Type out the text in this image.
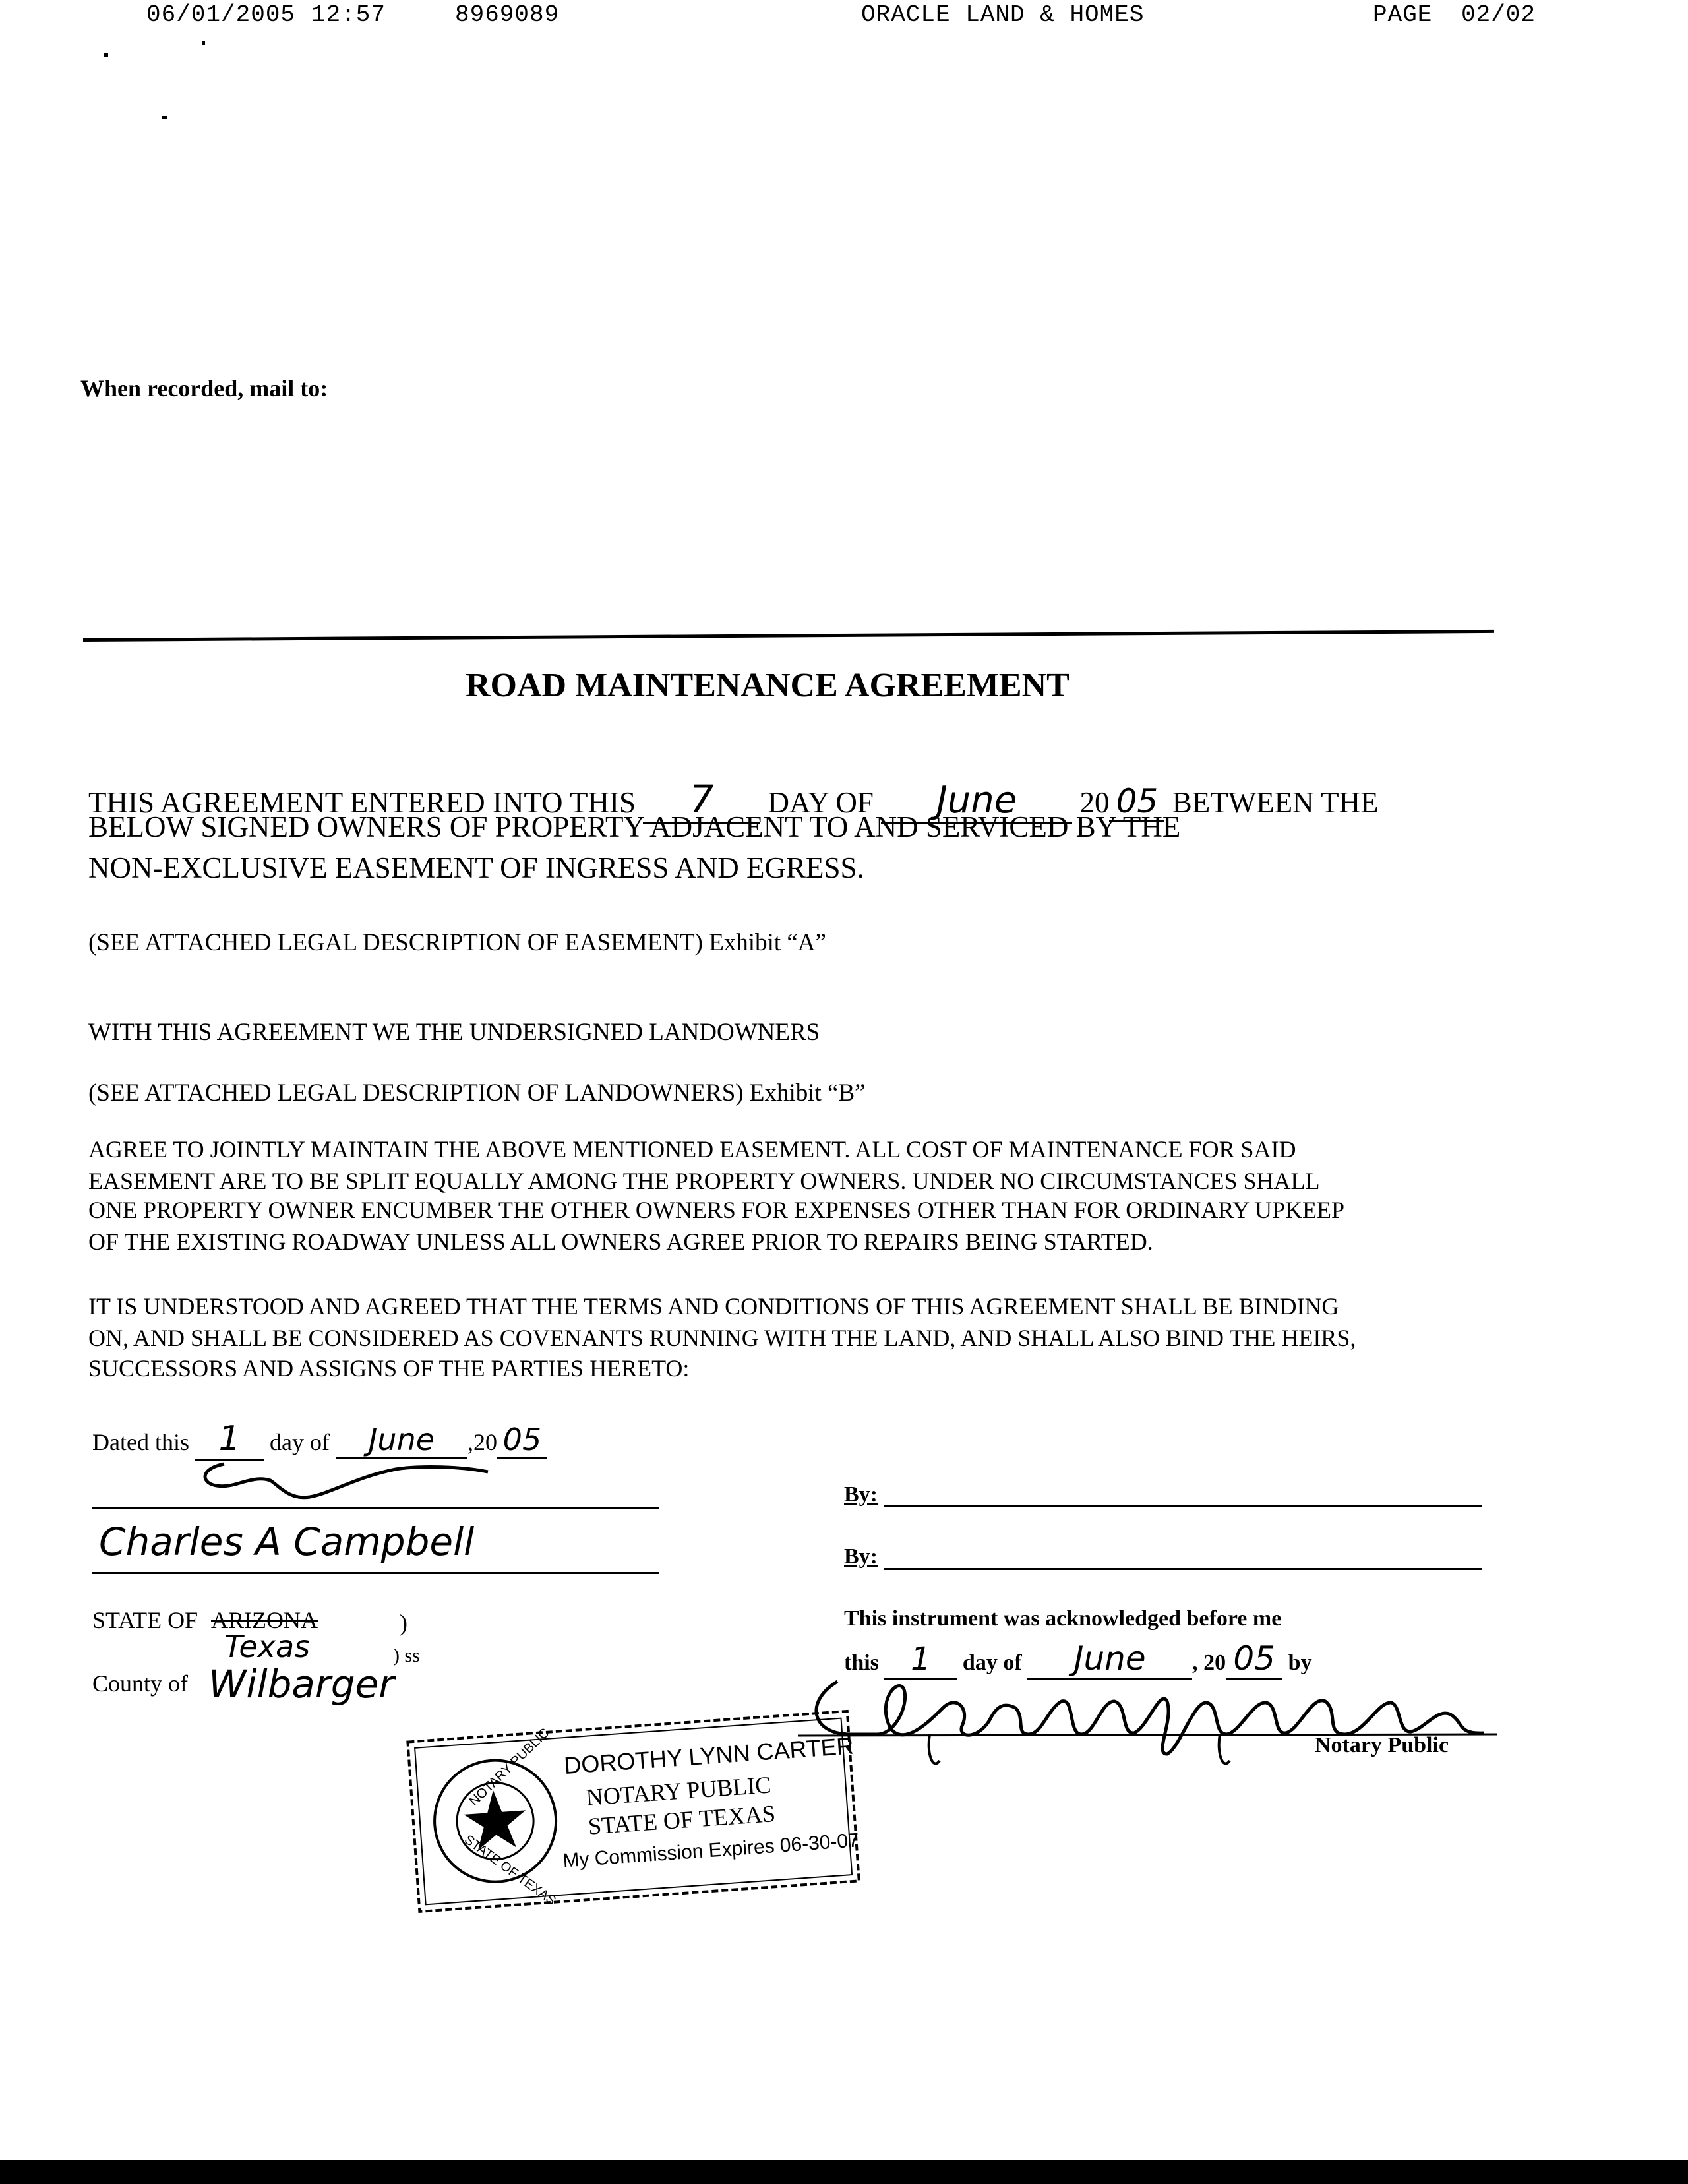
06/01/2005 12:57	8969089	ORACLE LAND & HOMES	PAGE 02/02
When recorded, mail to:
ROAD MAINTENANCE AGREEMENT
THIS AGREEMENT ENTERED INTO THIS 7 DAY OF June 20 05 BETWEEN THE
BELOW SIGNED OWNERS OF PROPERTY ADJACENT TO AND SERVICED BY THE
NON-EXCLUSIVE EASEMENT OF INGRESS AND EGRESS.
(SEE ATTACHED LEGAL DESCRIPTION OF EASEMENT) Exhibit “A”
WITH THIS AGREEMENT WE THE UNDERSIGNED LANDOWNERS
(SEE ATTACHED LEGAL DESCRIPTION OF LANDOWNERS) Exhibit “B”
AGREE TO JOINTLY MAINTAIN THE ABOVE MENTIONED EASEMENT. ALL COST OF MAINTENANCE FOR SAID
EASEMENT ARE TO BE SPLIT EQUALLY AMONG THE PROPERTY OWNERS. UNDER NO CIRCUMSTANCES SHALL
ONE PROPERTY OWNER ENCUMBER THE OTHER OWNERS FOR EXPENSES OTHER THAN FOR ORDINARY UPKEEP
OF THE EXISTING ROADWAY UNLESS ALL OWNERS AGREE PRIOR TO REPAIRS BEING STARTED.
IT IS UNDERSTOOD AND AGREED THAT THE TERMS AND CONDITIONS OF THIS AGREEMENT SHALL BE BINDING
ON, AND SHALL BE CONSIDERED AS COVENANTS RUNNING WITH THE LAND, AND SHALL ALSO BIND THE HEIRS,
SUCCESSORS AND ASSIGNS OF THE PARTIES HERETO:
Dated this 1 day of June ,20 05
Charles A Campbell
By:
By:
STATE OF ARIZONA	)
Texas	) ss
County of Wilbarger
This instrument was acknowledged before me
this 1 day of June , 20 05 by
Notary Public
NOTARY PUBLIC
STATE OF TEXAS
DOROTHY LYNN CARTER
NOTARY PUBLIC
STATE OF TEXAS
My Commission Expires 06-30-07
